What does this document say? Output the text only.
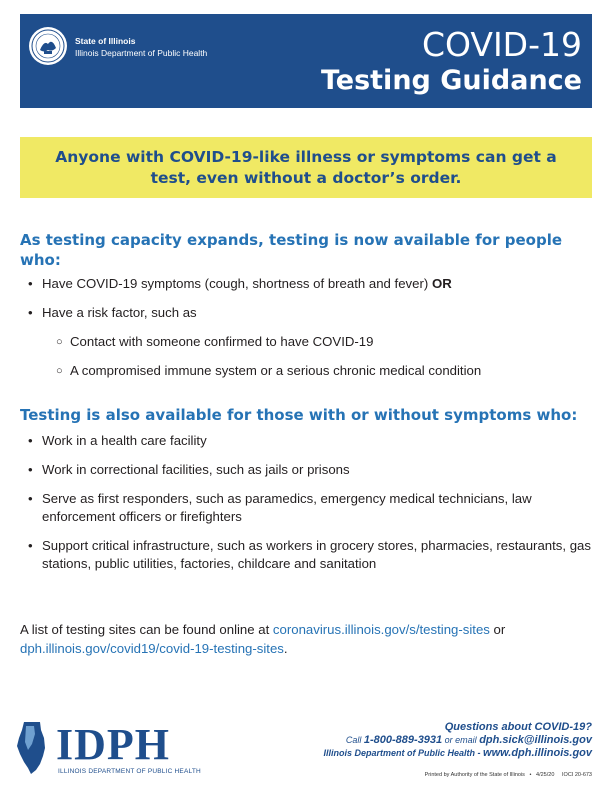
State of Illinois
Illinois Department of Public Health	COVID-19
Testing Guidance

Anyone with COVID-19-like illness or symptoms can get a test, even without a doctor’s order.

As testing capacity expands, testing is now available for people who:
• Have COVID-19 symptoms (cough, shortness of breath and fever) OR
• Have a risk factor, such as
○ Contact with someone confirmed to have COVID-19
○ A compromised immune system or a serious chronic medical condition
Testing is also available for those with or without symptoms who:
• Work in a health care facility
• Work in correctional facilities, such as jails or prisons
• Serve as first responders, such as paramedics, emergency medical technicians, law enforcement officers or firefighters
• Support critical infrastructure, such as workers in grocery stores, pharmacies, restaurants, gas stations, public utilities, factories, childcare and sanitation
A list of testing sites can be found online at coronavirus.illinois.gov/s/testing-sites or dph.illinois.gov/covid19/covid-19-testing-sites.
IDPH
ILLINOIS DEPARTMENT OF PUBLIC HEALTH
Questions about COVID-19?
Call 1-800-889-3931 or email dph.sick@illinois.gov
Illinois Department of Public Health - www.dph.illinois.gov
Printed by Authority of the State of Illinois • 4/25/20 IOCI 20-673
